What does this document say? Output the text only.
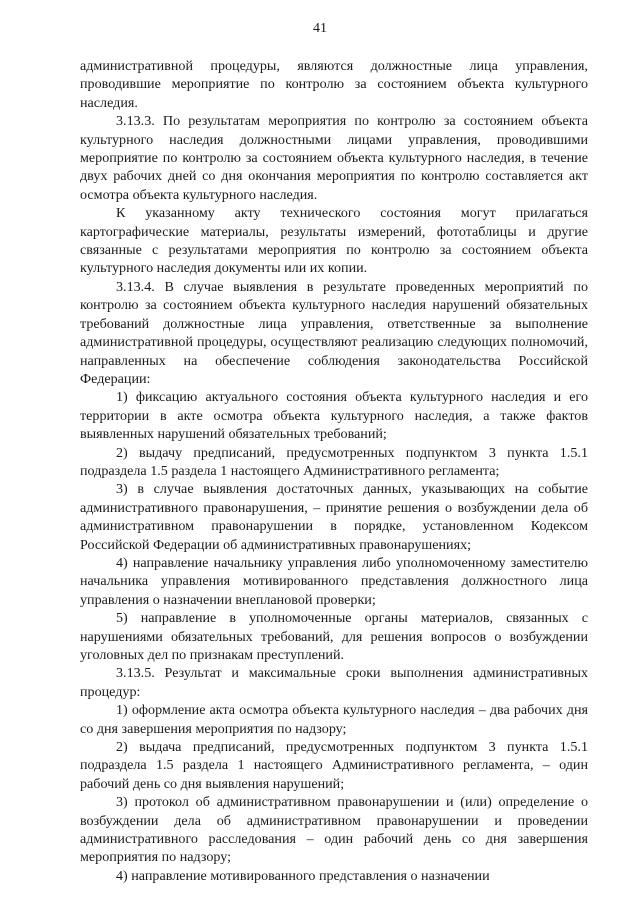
41

административной процедуры, являются должностные лица управления, проводившие мероприятие по контролю за состоянием объекта культурного наследия.

3.13.3. По результатам мероприятия по контролю за состоянием объекта культурного наследия должностными лицами управления, проводившими мероприятие по контролю за состоянием объекта культурного наследия, в течение двух рабочих дней со дня окончания мероприятия по контролю составляется акт осмотра объекта культурного наследия.

К указанному акту технического состояния могут прилагаться картографические материалы, результаты измерений, фототаблицы и другие связанные с результатами мероприятия по контролю за состоянием объекта культурного наследия документы или их копии.

3.13.4. В случае выявления в результате проведенных мероприятий по контролю за состоянием объекта культурного наследия нарушений обязательных требований должностные лица управления, ответственные за выполнение административной процедуры, осуществляют реализацию следующих полномочий, направленных на обеспечение соблюдения законодательства Российской Федерации:

1) фиксацию актуального состояния объекта культурного наследия и его территории в акте осмотра объекта культурного наследия, а также фактов выявленных нарушений обязательных требований;

2) выдачу предписаний, предусмотренных подпунктом 3 пункта 1.5.1 подраздела 1.5 раздела 1 настоящего Административного регламента;

3) в случае выявления достаточных данных, указывающих на событие административного правонарушения, – принятие решения о возбуждении дела об административном правонарушении в порядке, установленном Кодексом Российской Федерации об административных правонарушениях;

4) направление начальнику управления либо уполномоченному заместителю начальника управления мотивированного представления должностного лица управления о назначении внеплановой проверки;

5) направление в уполномоченные органы материалов, связанных с нарушениями обязательных требований, для решения вопросов о возбуждении уголовных дел по признакам преступлений.

3.13.5. Результат и максимальные сроки выполнения административных процедур:

1) оформление акта осмотра объекта культурного наследия – два рабочих дня со дня завершения мероприятия по надзору;

2) выдача предписаний, предусмотренных подпунктом 3 пункта 1.5.1 подраздела 1.5 раздела 1 настоящего Административного регламента, – один рабочий день со дня выявления нарушений;

3) протокол об административном правонарушении и (или) определение о возбуждении дела об административном правонарушении и проведении административного расследования – один рабочий день со дня завершения мероприятия по надзору;

4) направление мотивированного представления о назначении
